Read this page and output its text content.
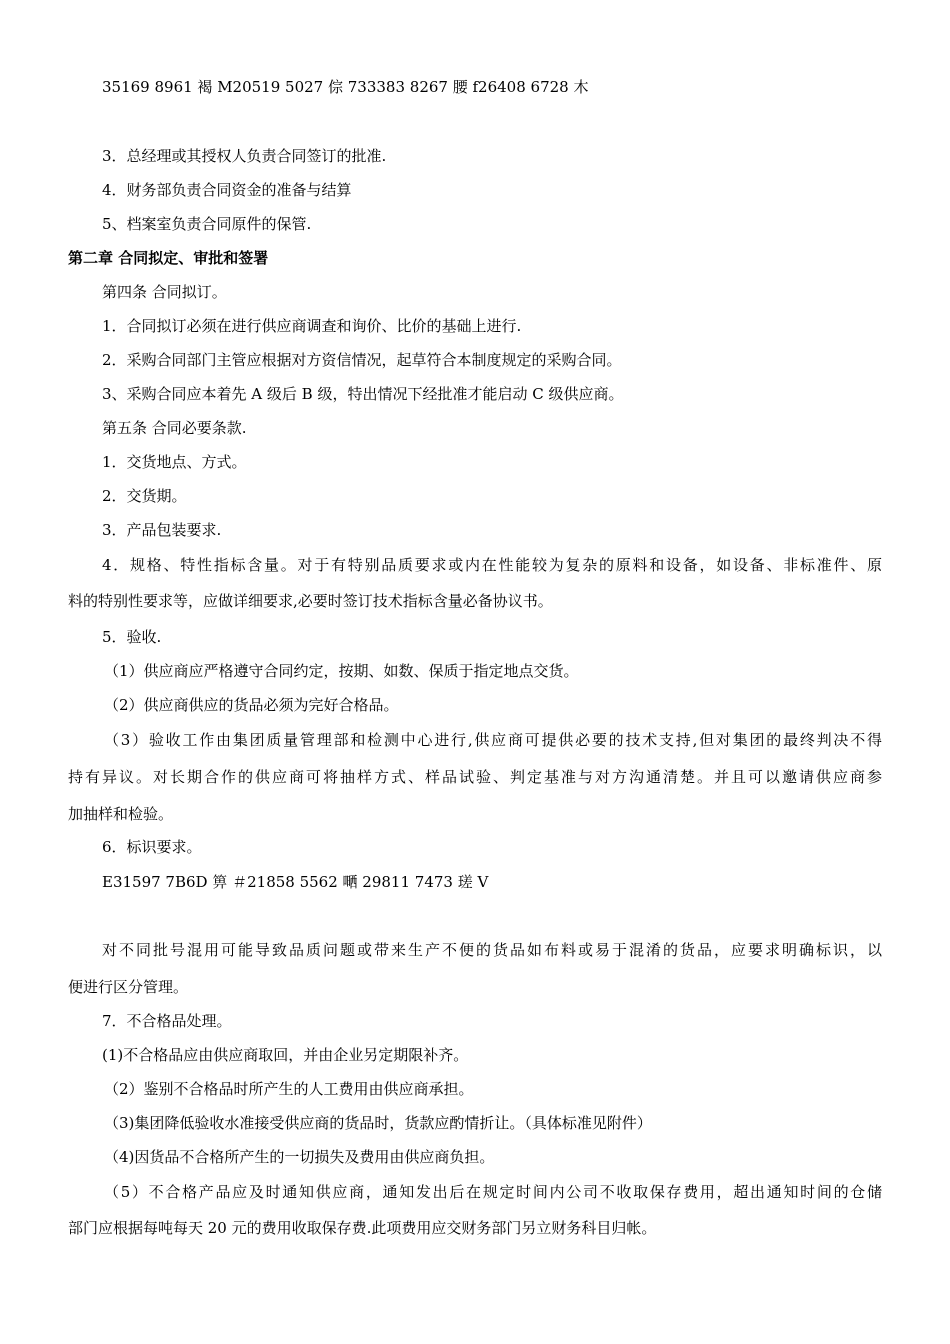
35169 8961 褐 M20519 5027 倧 733383 8267 腰 f26408 6728 木
3．总经理或其授权人负责合同签订的批准.
4．财务部负责合同资金的准备与结算
5、档案室负责合同原件的保管.
第二章 合同拟定、审批和签署
第四条 合同拟订。
1．合同拟订必须在进行供应商调查和询价、比价的基础上进行.
2．采购合同部门主管应根据对方资信情况，起草符合本制度规定的采购合同。
3、采购合同应本着先 A 级后 B 级，特出情况下经批准才能启动 C 级供应商。
第五条 合同必要条款.
1．交货地点、方式。
2．交货期。
3．产品包装要求.
4．规格、特性指标含量。对于有特别品质要求或内在性能较为复杂的原料和设备，如设备、非标准件、原
料的特别性要求等，应做详细要求,必要时签订技术指标含量必备协议书。
5．验收.
（1）供应商应严格遵守合同约定，按期、如数、保质于指定地点交货。
（2）供应商供应的货品必须为完好合格品。
（3）验收工作由集团质量管理部和检测中心进行,供应商可提供必要的技术支持,但对集团的最终判决不得
持有异议。对长期合作的供应商可将抽样方式、样品试验、判定基准与对方沟通清楚。并且可以邀请供应商参
加抽样和检验。
6．标识要求。
E31597 7B6D 箅 ＃21858 5562 嗮 29811 7473 瑳 V
对不同批号混用可能导致品质问题或带来生产不便的货品如布料或易于混淆的货品，应要求明确标识，以
便进行区分管理。
7．不合格品处理。
(1)不合格品应由供应商取回，并由企业另定期限补齐。
（2）鉴别不合格品时所产生的人工费用由供应商承担。
（3)集团降低验收水准接受供应商的货品时，货款应酌情折让。（具体标准见附件）
（4)因货品不合格所产生的一切损失及费用由供应商负担。
（5）不合格产品应及时通知供应商，通知发出后在规定时间内公司不收取保存费用，超出通知时间的仓储
部门应根据每吨每天 20 元的费用收取保存费.此项费用应交财务部门另立财务科目归帐。
